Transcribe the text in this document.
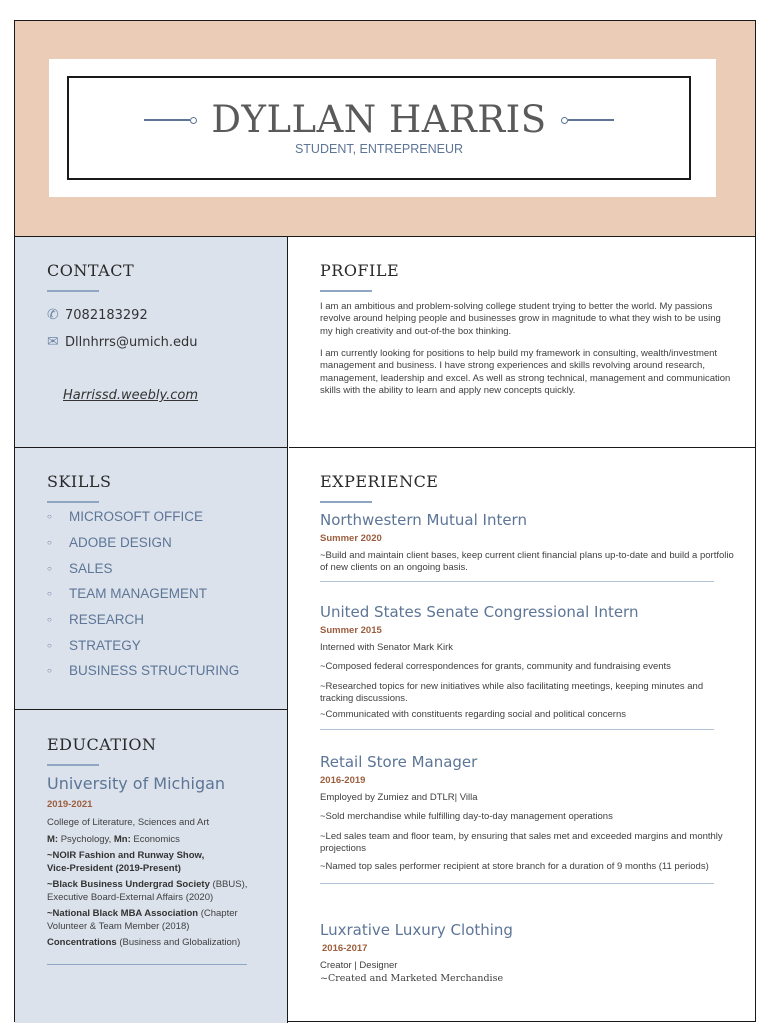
DYLLAN HARRIS
STUDENT, ENTREPRENEUR
CONTACT
✆ 7082183292
✉ Dllnhrrs@umich.edu
Harrissd.weebly.com
SKILLS
○	MICROSOFT OFFICE
○	ADOBE DESIGN
○	SALES
○	TEAM MANAGEMENT
○	RESEARCH
○	STRATEGY
○	BUSINESS STRUCTURING
EDUCATION
University of Michigan
2019-2021
College of Literature, Sciences and Art
M: Psychology, Mn: Economics
~NOIR Fashion and Runway Show,
Vice-President (2019-Present)
~Black Business Undergrad Society (BBUS),
Executive Board-External Affairs (2020)
~National Black MBA Association (Chapter
Volunteer & Team Member (2018)
Concentrations (Business and Globalization)
PROFILE
I am an ambitious and problem-solving college student trying to better the world. My passions revolve around helping people and businesses grow in magnitude to what they wish to be using my high creativity and out-of-the box thinking.
I am currently looking for positions to help build my framework in consulting, wealth/investment management and business. I have strong experiences and skills revolving around research, management, leadership and excel. As well as strong technical, management and communication skills with the ability to learn and apply new concepts quickly.
EXPERIENCE
Northwestern Mutual Intern
Summer 2020
~Build and maintain client bases, keep current client financial plans up-to-date and build a portfolio of new clients on an ongoing basis.
United States Senate Congressional Intern
Summer 2015
Interned with Senator Mark Kirk
~Composed federal correspondences for grants, community and fundraising events
~Researched topics for new initiatives while also facilitating meetings, keeping minutes and tracking discussions.
~Communicated with constituents regarding social and political concerns
Retail Store Manager
2016-2019
Employed by Zumiez and DTLR| Villa
~Sold merchandise while fulfilling day-to-day management operations
~Led sales team and floor team, by ensuring that sales met and exceeded margins and monthly projections
~Named top sales performer recipient at store branch for a duration of 9 months (11 periods)
Luxrative Luxury Clothing
2016-2017
Creator | Designer
~Created and Marketed Merchandise
